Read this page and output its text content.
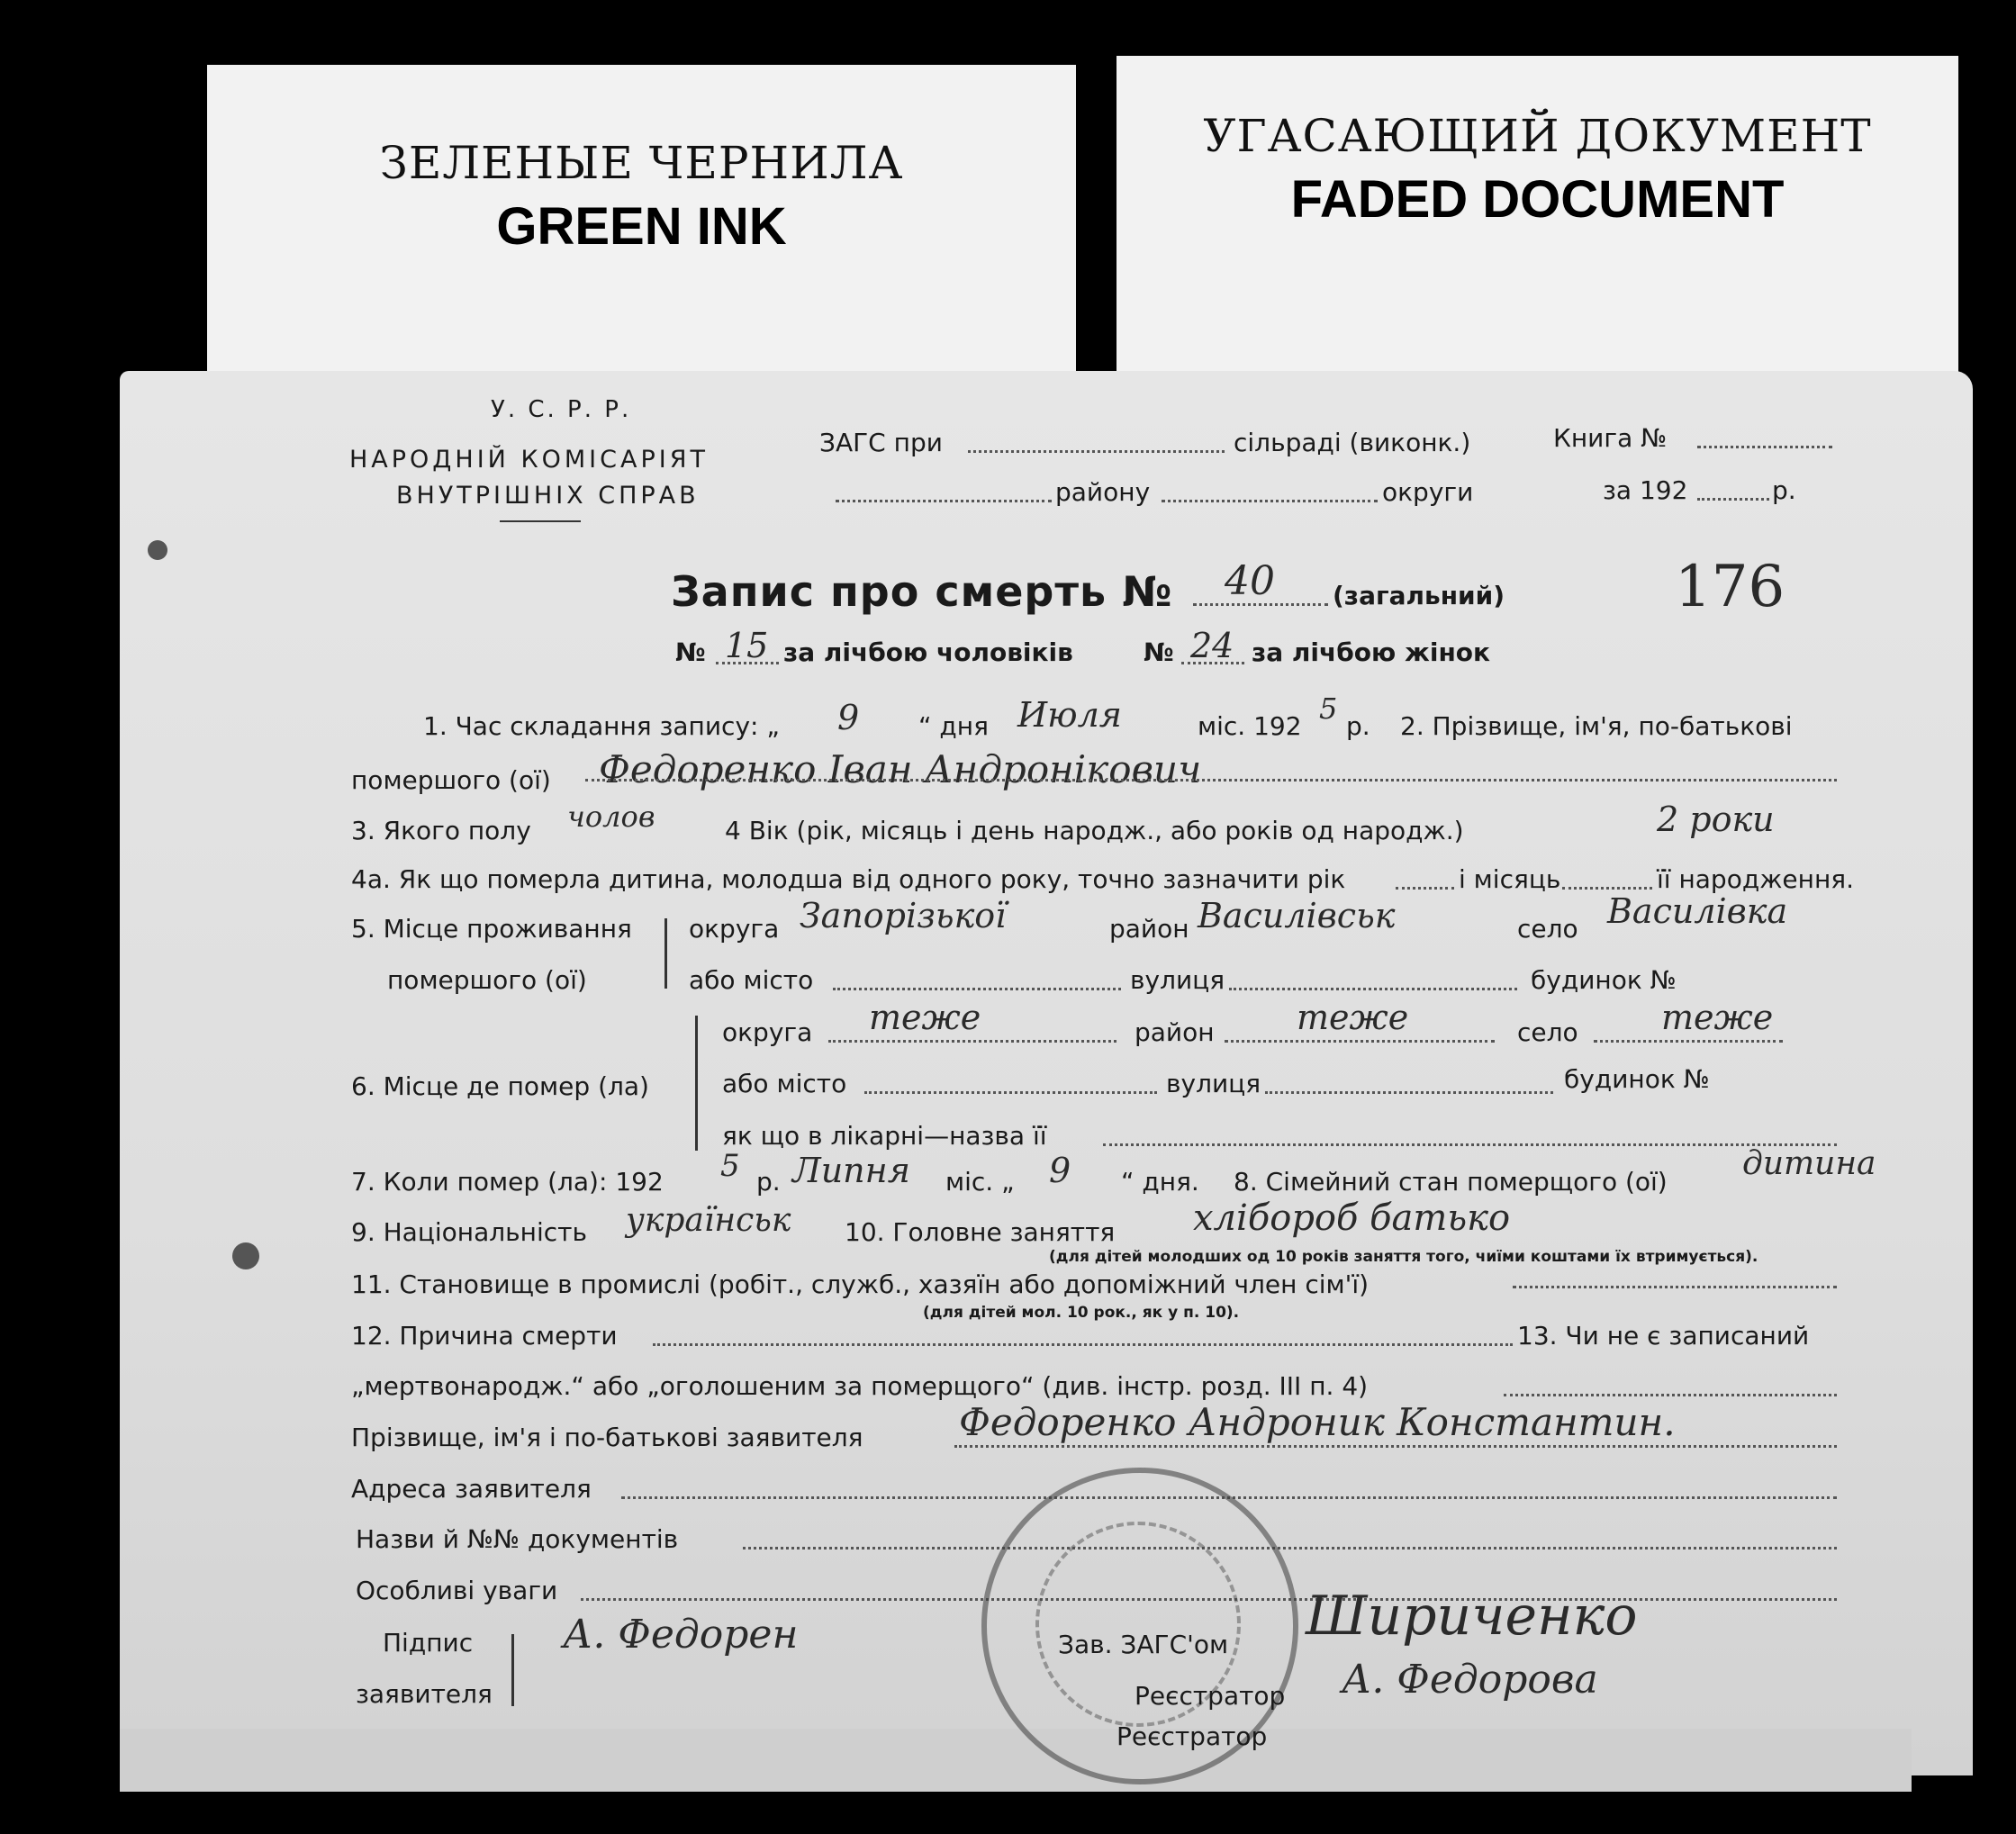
ЗЕЛЕНЫЕ ЧЕРНИЛА
GREEN INK
УГАСАЮЩИЙ ДОКУМЕНТ
FADED DOCUMENT
У. С. Р. Р.
НАРОДНІЙ КОМІСАРІЯТ
ВНУТРІШНІХ СПРАВ
ЗАГС при	сільраді (виконк.)	Книга №
району	округи	за 192	р.
176
Запис про смерть № 40 (загальний)
№ 15 за лічбою чоловіків	№ 24 за лічбою жінок
1. Час складання запису: „ 9 “ дня Июля	міс. 192
5
р. 2. Прізвище, ім'я, по-батькові
помершого (ої) Федоренко Іван Андронікович
3. Якого полу чолов	4 Вік (рік, місяць і день народж., або років од народж.)	2 роки
4а. Як що померла дитина, молодша від одного року, точно зазначити рік	і місяць	її народження.
5. Місце проживання
помершого (ої)
округа Запорізької	район Василівськ	село Василівка
або місто	вулиця	будинок №
округа теже	район теже	село теже
6. Місце де помер (ла)	або місто	вулиця	будинок №
як що в лікарні—назва її
7. Коли помер (ла): 192 5 р. Липня міс. „ 9 “ дня. 8. Сімейний стан померщого (ої) дитина
9. Національність українськ 10. Головне заняття хлібороб батько
(для дітей молодших од 10 років заняття того, чиїми коштами їх втримується).
11. Становище в промислі (робіт., служб., хазяїн або допоміжний член сім'ї)
(для дітей мол. 10 рок., як у п. 10).
12. Причина смерти	13. Чи не є записаний
„мертвонародж.“ або „оголошеним за померщого“ (див. інстр. розд. III п. 4)
Прізвище, ім'я і по-батькові заявителя	Федоренко Андроник Константин.
Адреса заявителя
Назви й №№ документів
Особливі уваги
Підпис
заявителя
А. Федорен	Зав. ЗАГС'ом Шириченко
Реєстратор А. Федорова
Реєстратор
